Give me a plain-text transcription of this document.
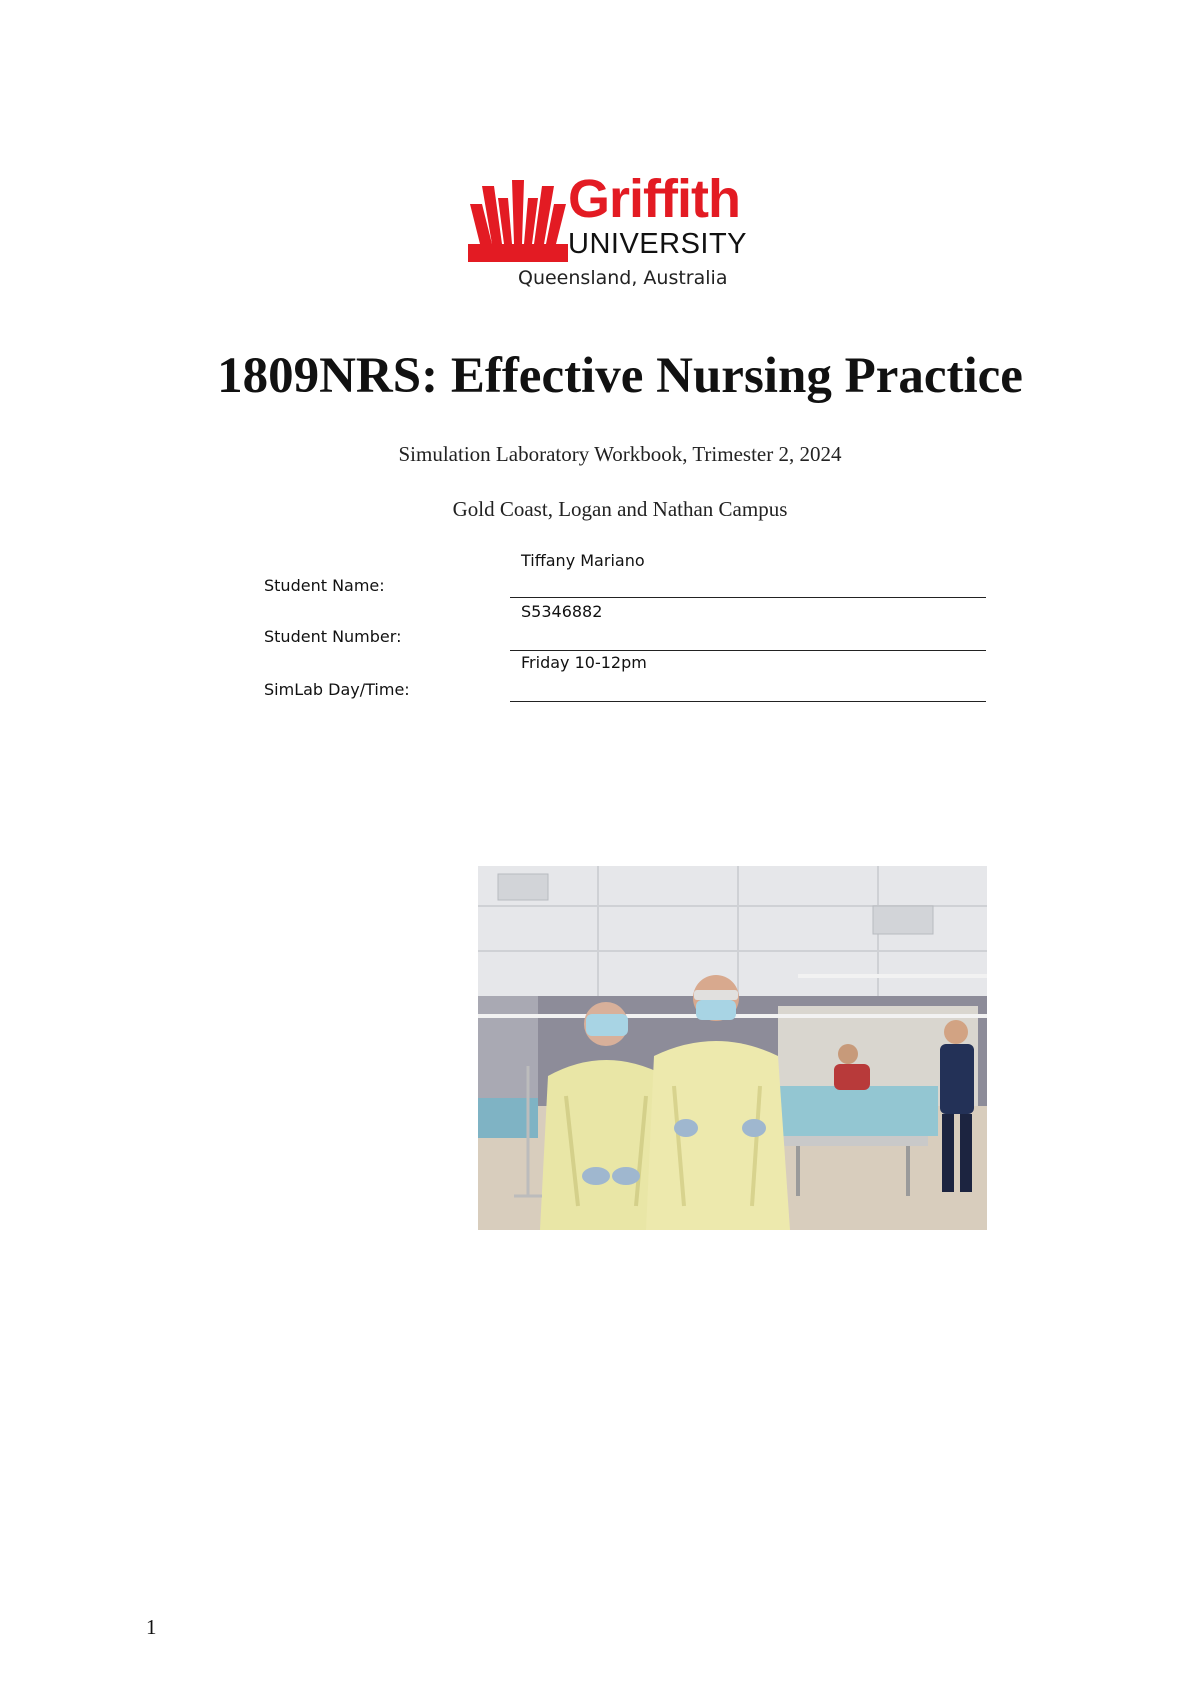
Griffith
UNIVERSITY
Queensland, Australia
1809NRS: Effective Nursing Practice

Simulation Laboratory Workbook, Trimester 2, 2024

Gold Coast, Logan and Nathan Campus

Tiffany Mariano
Student Name:
S5346882
Student Number:
Friday 10-12pm
SimLab Day/Time:
1
